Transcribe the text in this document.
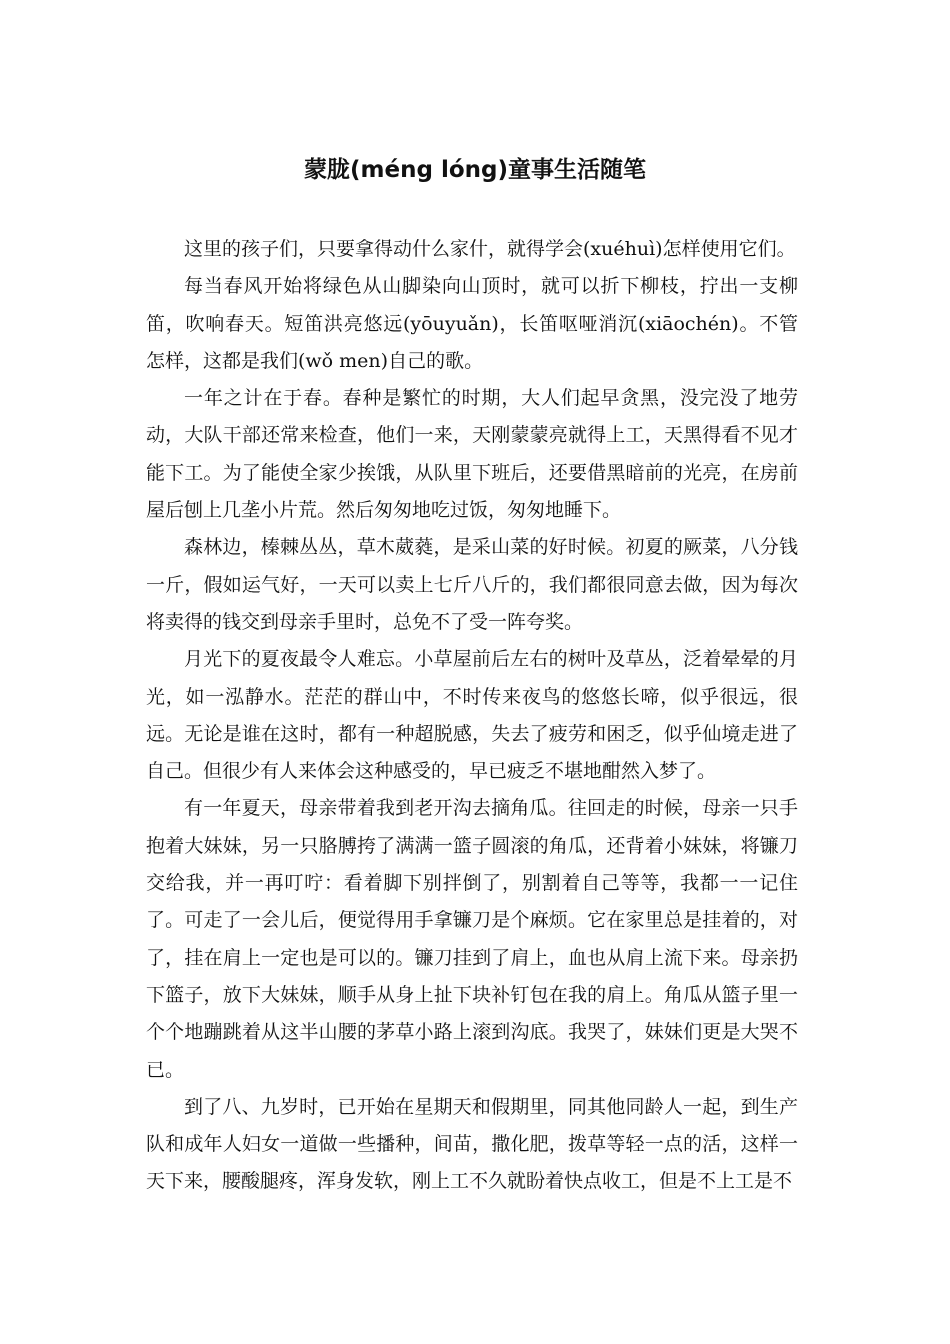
蒙胧(méng lóng)童事生活随笔

这里的孩子们，只要拿得动什么家什，就得学会(xuéhuì)怎样使用它们。

每当春风开始将绿色从山脚染向山顶时，就可以折下柳枝，拧出一支柳笛，吹响春天。短笛洪亮悠远(yōuyuǎn)，长笛呕哑消沉(xiāochén)。不管怎样，这都是我们(wǒ men)自己的歌。

一年之计在于春。春种是繁忙的时期，大人们起早贪黑，没完没了地劳动，大队干部还常来检查，他们一来，天刚蒙蒙亮就得上工，天黑得看不见才能下工。为了能使全家少挨饿，从队里下班后，还要借黑暗前的光亮，在房前屋后刨上几垄小片荒。然后匆匆地吃过饭，匆匆地睡下。

森林边，榛棘丛丛，草木葳蕤，是采山菜的好时候。初夏的厥菜，八分钱一斤，假如运气好，一天可以卖上七斤八斤的，我们都很同意去做，因为每次将卖得的钱交到母亲手里时，总免不了受一阵夸奖。

月光下的夏夜最令人难忘。小草屋前后左右的树叶及草丛，泛着晕晕的月光，如一泓静水。茫茫的群山中，不时传来夜鸟的悠悠长啼，似乎很远，很远。无论是谁在这时，都有一种超脱感，失去了疲劳和困乏，似乎仙境走进了自己。但很少有人来体会这种感受的，早已疲乏不堪地酣然入梦了。

有一年夏天，母亲带着我到老开沟去摘角瓜。往回走的时候，母亲一只手抱着大妹妹，另一只胳膊挎了满满一篮子圆滚的角瓜，还背着小妹妹，将镰刀交给我，并一再叮咛：看着脚下别拌倒了，别割着自己等等，我都一一记住了。可走了一会儿后，便觉得用手拿镰刀是个麻烦。它在家里总是挂着的，对了，挂在肩上一定也是可以的。镰刀挂到了肩上，血也从肩上流下来。母亲扔下篮子，放下大妹妹，顺手从身上扯下块补钉包在我的肩上。角瓜从篮子里一个个地蹦跳着从这半山腰的茅草小路上滚到沟底。我哭了，妹妹们更是大哭不已。

到了八、九岁时，已开始在星期天和假期里，同其他同龄人一起，到生产队和成年人妇女一道做一些播种，间苗，撒化肥，拨草等轻一点的活，这样一天下来，腰酸腿疼，浑身发软，刚上工不久就盼着快点收工，但是不上工是不
